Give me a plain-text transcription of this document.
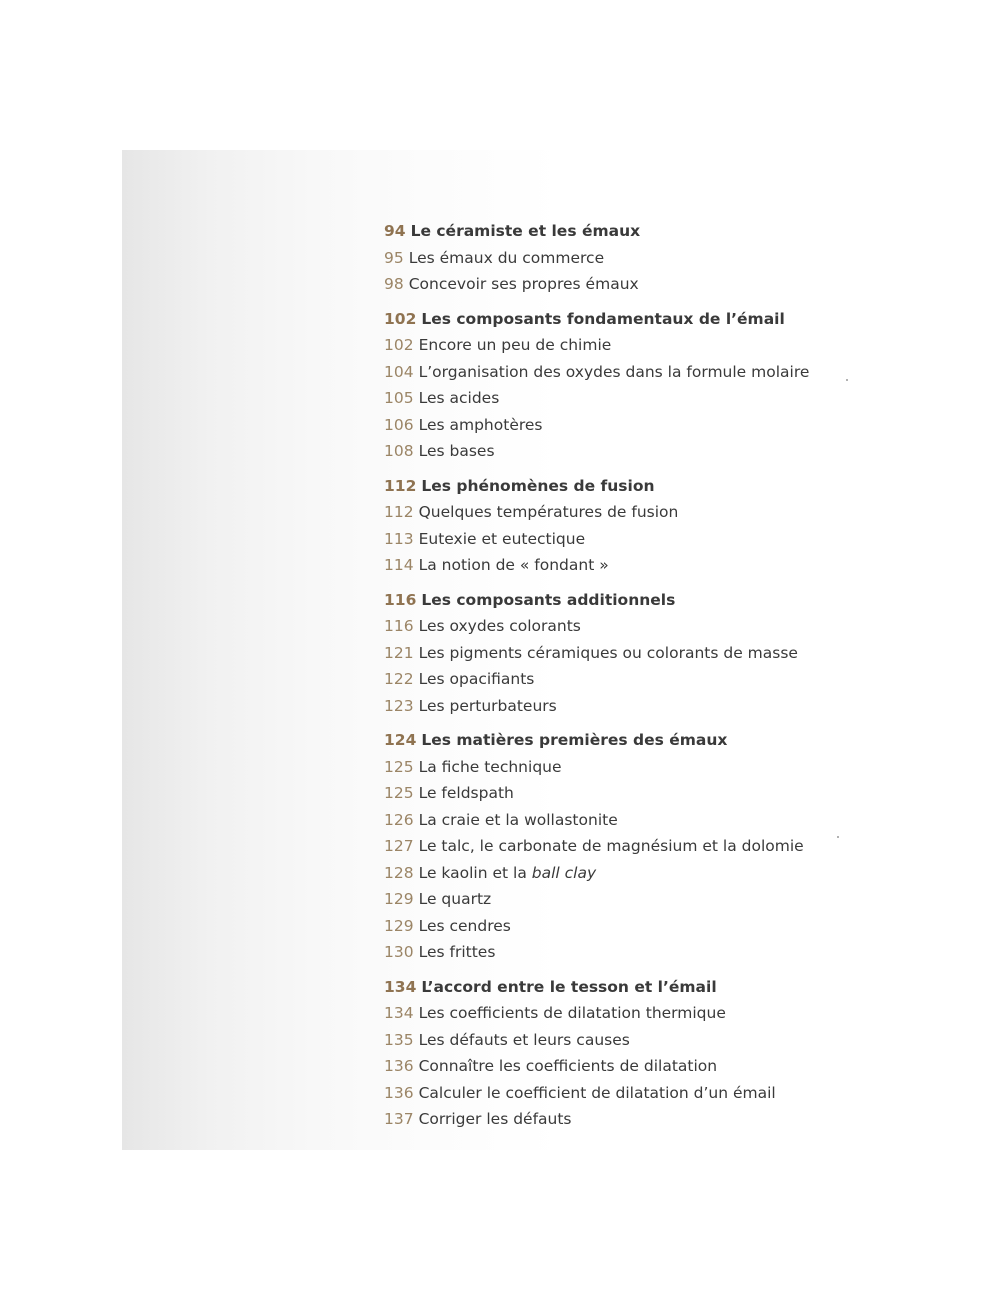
94 Le céramiste et les émaux
95 Les émaux du commerce
98 Concevoir ses propres émaux
102 Les composants fondamentaux de l’émail
102 Encore un peu de chimie
104 L’organisation des oxydes dans la formule molaire
105 Les acides
106 Les amphotères
108 Les bases
112 Les phénomènes de fusion
112 Quelques températures de fusion
113 Eutexie et eutectique
114 La notion de « fondant »
116 Les composants additionnels
116 Les oxydes colorants
121 Les pigments céramiques ou colorants de masse
122 Les opacifiants
123 Les perturbateurs
124 Les matières premières des émaux
125 La fiche technique
125 Le feldspath
126 La craie et la wollastonite
127 Le talc, le carbonate de magnésium et la dolomie
128 Le kaolin et la ball clay
129 Le quartz
129 Les cendres
130 Les frittes
134 L’accord entre le tesson et l’émail
134 Les coefficients de dilatation thermique
135 Les défauts et leurs causes
136 Connaître les coefficients de dilatation
136 Calculer le coefficient de dilatation d’un émail
137 Corriger les défauts
